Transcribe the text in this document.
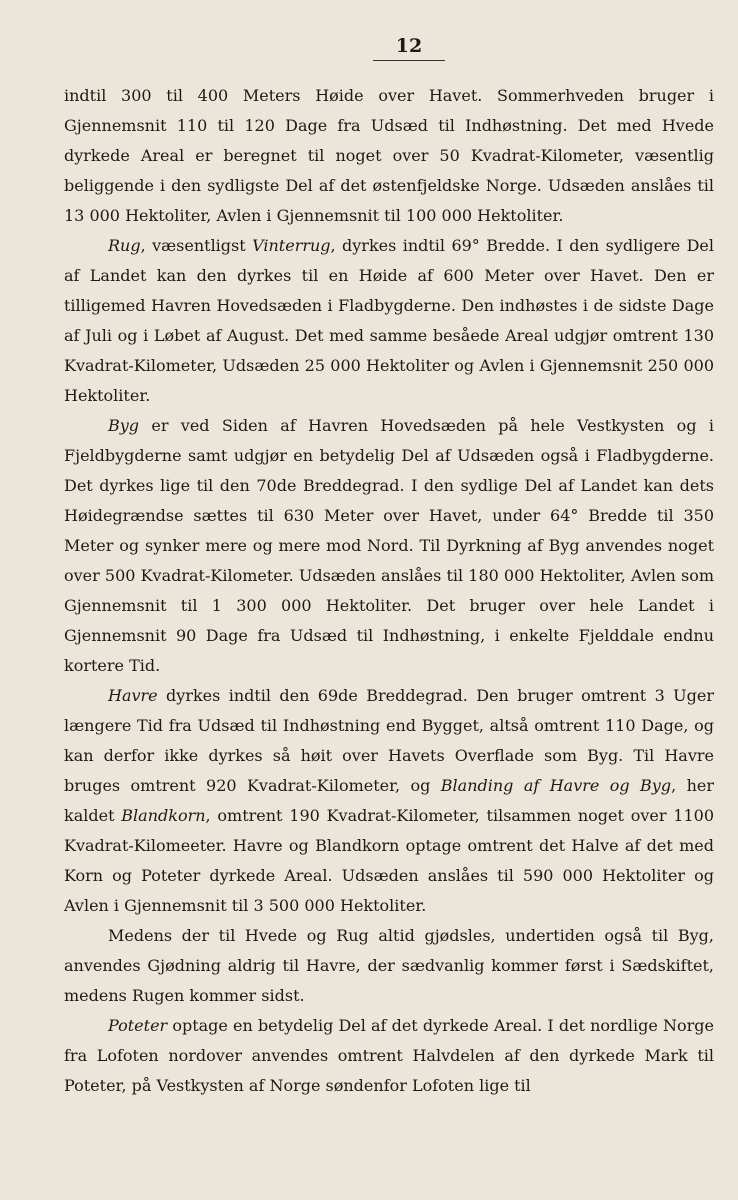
12

indtil 300 til 400 Meters Høide over Havet. Sommerhveden bruger i Gjennemsnit 110 til 120 Dage fra Udsæd til Indhøstning. Det med Hvede dyrkede Areal er beregnet til noget over 50 Kvadrat-Kilometer, væsentlig beliggende i den sydligste Del af det østenfjeldske Norge. Udsæden anslåes til 13 000 Hektoliter, Avlen i Gjennemsnit til 100 000 Hektoliter.

Rug, væsentligst Vinterrug, dyrkes indtil 69° Bredde. I den sydligere Del af Landet kan den dyrkes til en Høide af 600 Meter over Havet. Den er tilligemed Havren Hovedsæden i Fladbygderne. Den indhøstes i de sidste Dage af Juli og i Løbet af August. Det med samme besåede Areal udgjør omtrent 130 Kvadrat-Kilometer, Udsæden 25 000 Hektoliter og Avlen i Gjennemsnit 250 000 Hektoliter.

Byg er ved Siden af Havren Hovedsæden på hele Vestkysten og i Fjeldbygderne samt udgjør en betydelig Del af Udsæden også i Fladbygderne. Det dyrkes lige til den 70de Breddegrad. I den sydlige Del af Landet kan dets Høidegrændse sættes til 630 Meter over Havet, under 64° Bredde til 350 Meter og synker mere og mere mod Nord. Til Dyrkning af Byg anvendes noget over 500 Kvadrat-Kilometer. Udsæden anslåes til 180 000 Hektoliter, Avlen som Gjennemsnit til 1 300 000 Hektoliter. Det bruger over hele Landet i Gjennemsnit 90 Dage fra Udsæd til Indhøstning, i enkelte Fjelddale endnu kortere Tid.

Havre dyrkes indtil den 69de Breddegrad. Den bruger omtrent 3 Uger længere Tid fra Udsæd til Indhøstning end Bygget, altså omtrent 110 Dage, og kan derfor ikke dyrkes så høit over Havets Overflade som Byg. Til Havre bruges omtrent 920 Kvadrat-Kilometer, og Blanding af Havre og Byg, her kaldet Blandkorn, omtrent 190 Kvadrat-Kilometer, tilsammen noget over 1100 Kvadrat-Kilomeeter. Havre og Blandkorn optage omtrent det Halve af det med Korn og Poteter dyrkede Areal. Udsæden anslåes til 590 000 Hektoliter og Avlen i Gjennemsnit til 3 500 000 Hektoliter.

Medens der til Hvede og Rug altid gjødsles, undertiden også til Byg, anvendes Gjødning aldrig til Havre, der sædvanlig kommer først i Sædskiftet, medens Rugen kommer sidst.

Poteter optage en betydelig Del af det dyrkede Areal. I det nordlige Norge fra Lofoten nordover anvendes omtrent Halvdelen af den dyrkede Mark til Poteter, på Vestkysten af Norge søndenfor Lofoten lige til
